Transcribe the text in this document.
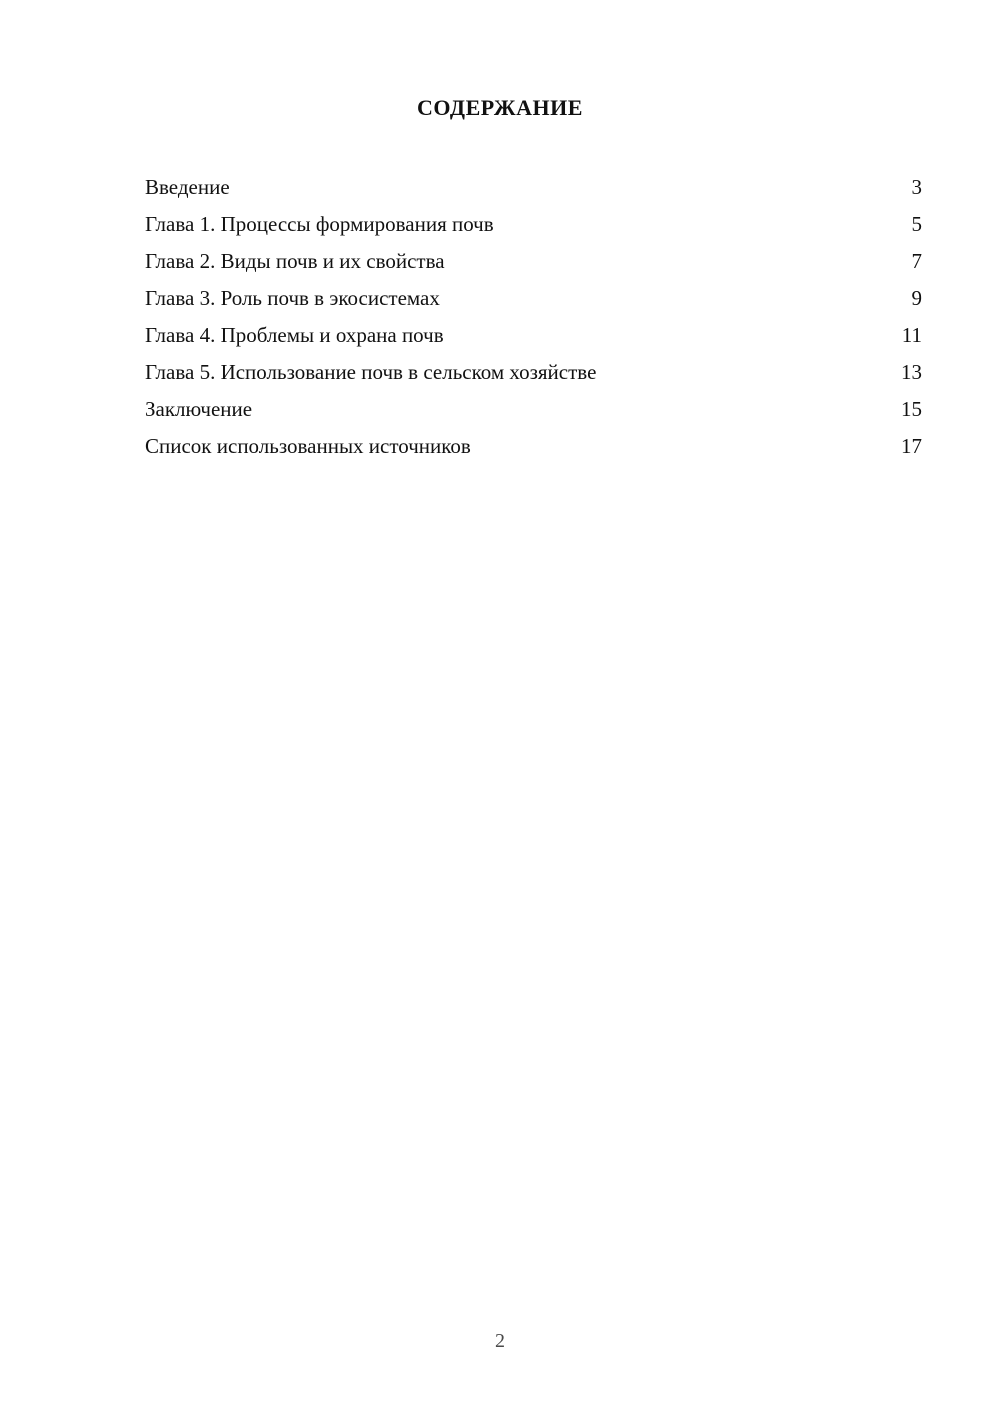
СОДЕРЖАНИЕ
Введение	3
Глава 1. Процессы формирования почв	5
Глава 2. Виды почв и их свойства	7
Глава 3. Роль почв в экосистемах	9
Глава 4. Проблемы и охрана почв	11
Глава 5. Использование почв в сельском хозяйстве	13
Заключение	15
Список использованных источников	17
2
